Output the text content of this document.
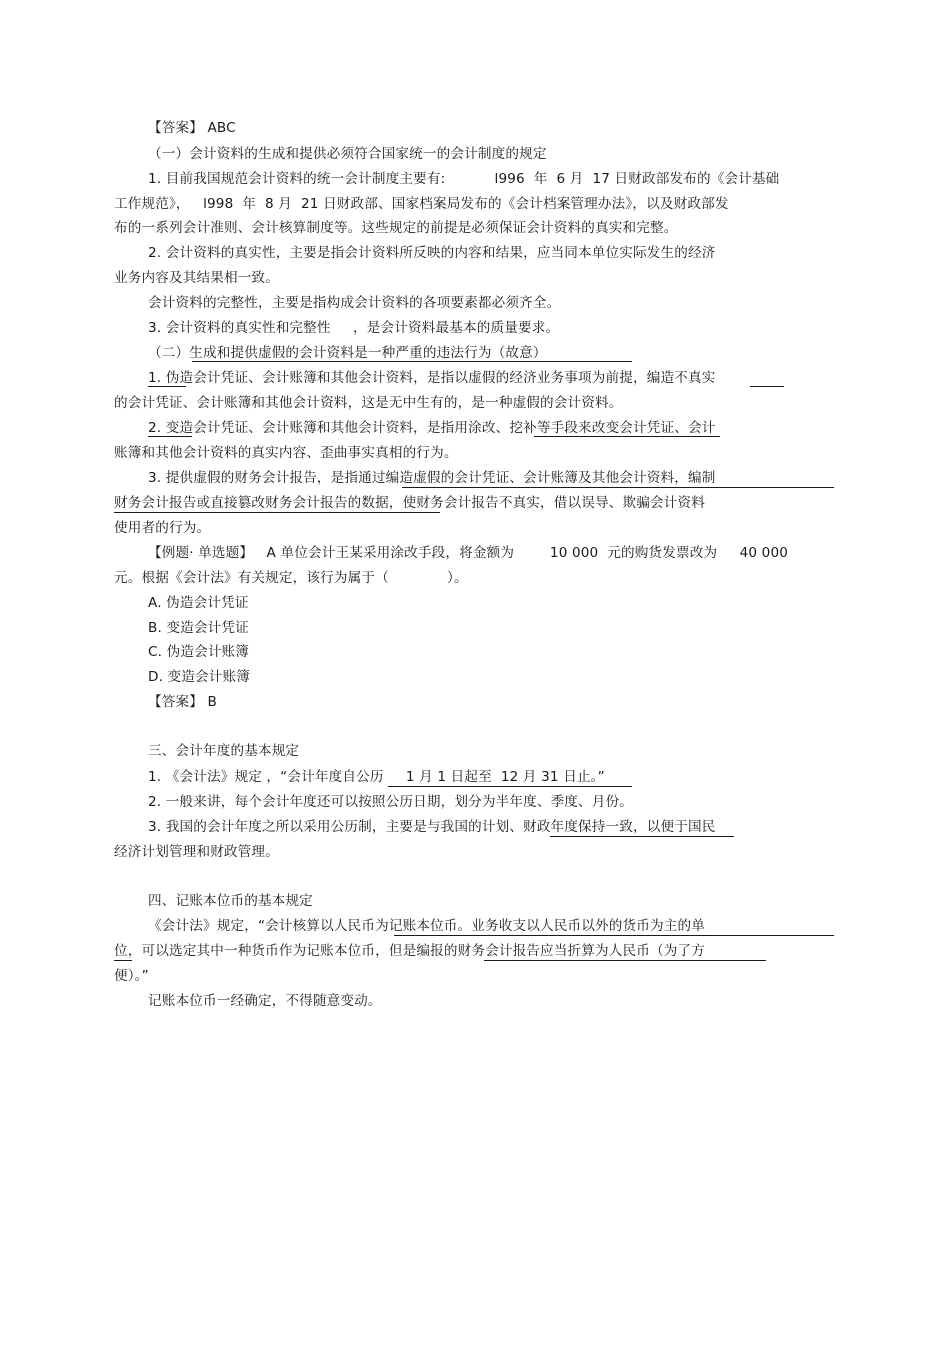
【答案】 ABC
（一）会计资料的生成和提供必须符合国家统一的会计制度的规定
1. 目前我国规范会计资料的统一会计制度主要有:           l996  年  6 月  17 日财政部发布的《会计基础
工作规范》，   l998  年  8 月  21 日财政部、国家档案局发布的《会计档案管理办法》，以及财政部发
布的一系列会计准则、会计核算制度等。这些规定的前提是必须保证会计资料的真实和完整。
2. 会计资料的真实性，主要是指会计资料所反映的内容和结果，应当同本单位实际发生的经济
业务内容及其结果相一致。
会计资料的完整性，主要是指构成会计资料的各项要素都必须齐全。
3. 会计资料的真实性和完整性     ，是会计资料最基本的质量要求。
（二）生成和提供虚假的会计资料是一种严重的违法行为（故意）
1. 伪造会计凭证、会计账簿和其他会计资料，是指以虚假的经济业务事项为前提，编造不真实
的会计凭证、会计账簿和其他会计资料，这是无中生有的，是一种虚假的会计资料。
2. 变造会计凭证、会计账簿和其他会计资料，是指用涂改、挖补等手段来改变会计凭证、会计
账簿和其他会计资料的真实内容、歪曲事实真相的行为。
3. 提供虚假的财务会计报告，是指通过编造虚假的会计凭证、会计账簿及其他会计资料，编制
财务会计报告或直接篡改财务会计报告的数据，使财务会计报告不真实，借以误导、欺骗会计资料
使用者的行为。
【例题· 单选题】   A 单位会计王某采用涂改手段，将金额为        10 000  元的购货发票改为     40 000
元。根据《会计法》有关规定，该行为属于（             ）。
A. 伪造会计凭证
B. 变造会计凭证
C. 伪造会计账簿
D. 变造会计账簿
【答案】 B
三、会计年度的基本规定
1. 《会计法》规定 ，“会计年度自公历     1 月 1 日起至  12 月 31 日止。”
2. 一般来讲，每个会计年度还可以按照公历日期，划分为半年度、季度、月份。
3. 我国的会计年度之所以采用公历制，主要是与我国的计划、财政年度保持一致，以便于国民
经济计划管理和财政管理。
四、记账本位币的基本规定
《会计法》规定，“会计核算以人民币为记账本位币。业务收支以人民币以外的货币为主的单
位，可以选定其中一种货币作为记账本位币，但是编报的财务会计报告应当折算为人民币（为了方
便）。”
记账本位币一经确定，不得随意变动。
